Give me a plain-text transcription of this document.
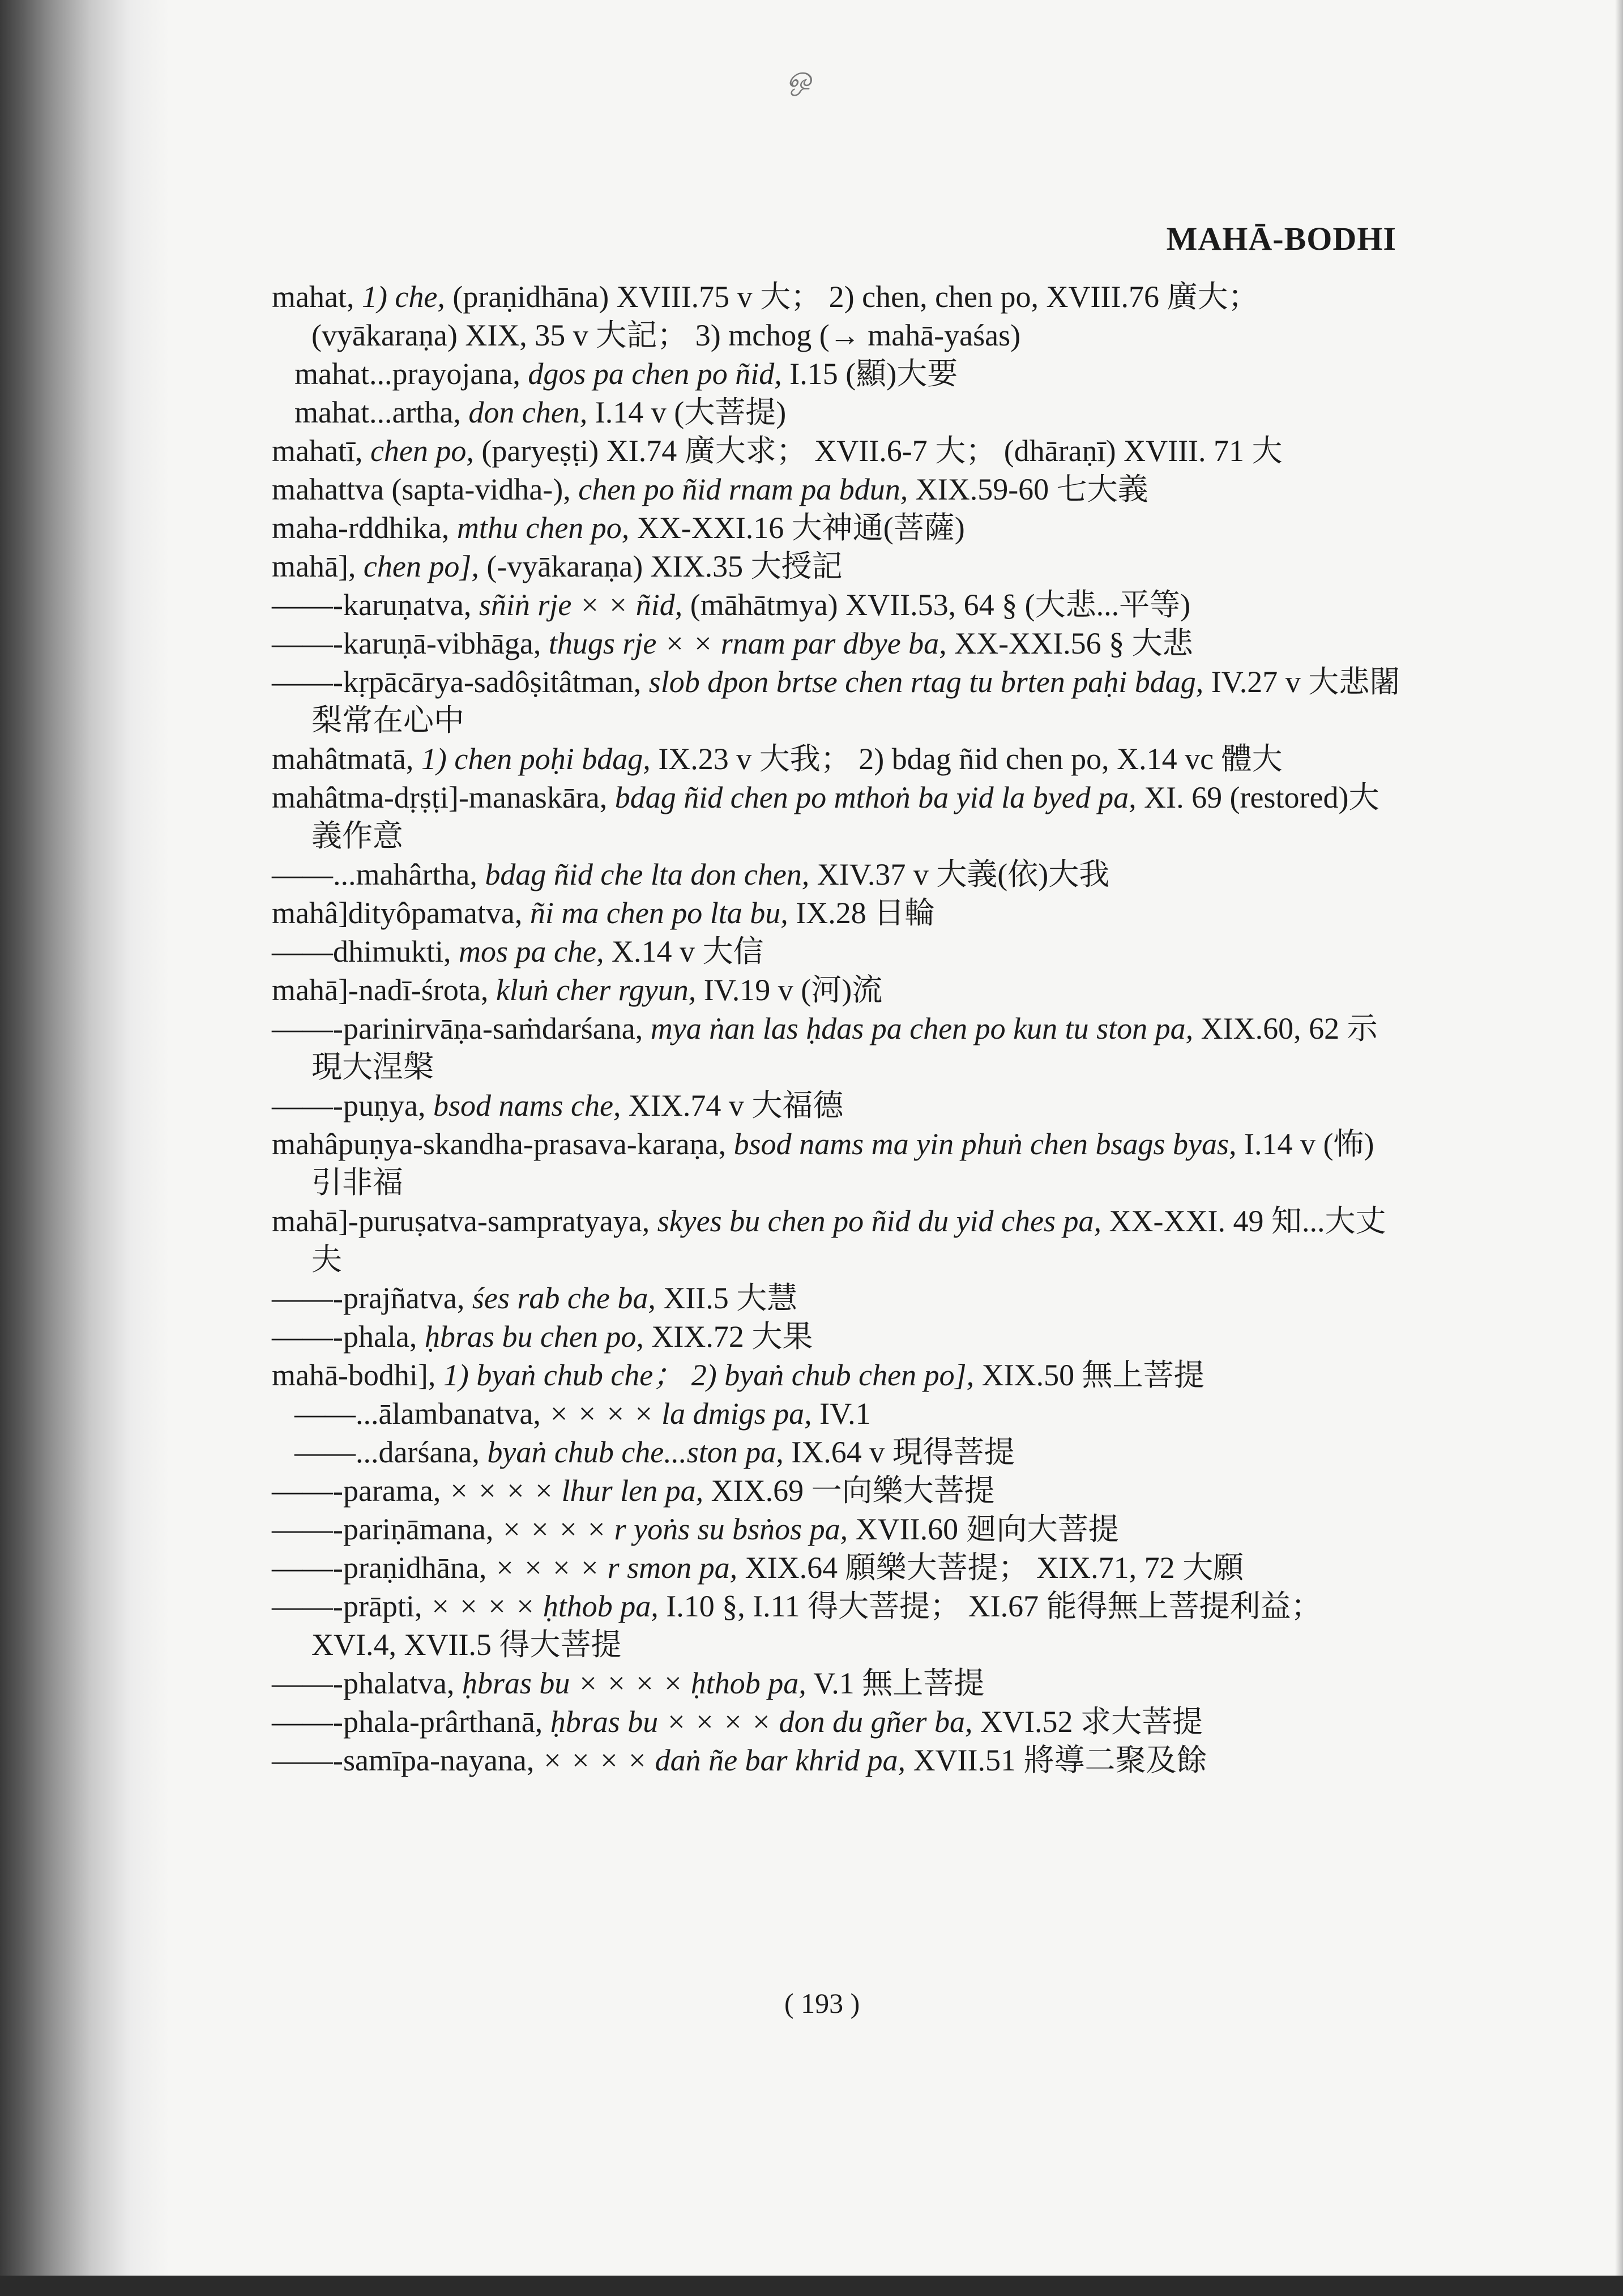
ஒ
MAHĀ-BODHI
mahat, 1) che, (praṇidhāna) XVIII.75 v 大； 2) chen, chen po, XVIII.76 廣大； (vyākaraṇa) XIX, 35 v 大記； 3) mchog (→ mahā-yaśas)
mahat...prayojana, dgos pa chen po ñid, I.15 (顯)大要
mahat...artha, don chen, I.14 v (大菩提)
mahatī, chen po, (paryeṣṭi) XI.74 廣大求； XVII.6-7 大； (dhāraṇī) XVIII. 71 大
mahattva (sapta-vidha-), chen po ñid rnam pa bdun, XIX.59-60 七大義
maha-rddhika, mthu chen po, XX-XXI.16 大神通(菩薩)
mahā], chen po], (-vyākaraṇa) XIX.35 大授記
——-karuṇatva, sñiṅ rje × × ñid, (māhātmya) XVII.53, 64 § (大悲...平等)
——-karuṇā-vibhāga, thugs rje × × rnam par dbye ba, XX-XXI.56 § 大悲
——-kṛpācārya-sadôṣitâtman, slob dpon brtse chen rtag tu brten paḥi bdag, IV.27 v 大悲闍梨常在心中
mahâtmatā, 1) chen poḥi bdag, IX.23 v 大我； 2) bdag ñid chen po, X.14 vc 體大
mahâtma-dṛṣṭi]-manaskāra, bdag ñid chen po mthoṅ ba yid la byed pa, XI. 69 (restored)大義作意
——...mahârtha, bdag ñid che lta don chen, XIV.37 v 大義(依)大我
mahâ]dityôpamatva, ñi ma chen po lta bu, IX.28 日輪
——dhimukti, mos pa che, X.14 v 大信
mahā]-nadī-śrota, kluṅ cher rgyun, IV.19 v (河)流
——-parinirvāṇa-saṁdarśana, mya ṅan las ḥdas pa chen po kun tu ston pa, XIX.60, 62 示現大涅槃
——-puṇya, bsod nams che, XIX.74 v 大福德
mahâpuṇya-skandha-prasava-karaṇa, bsod nams ma yin phuṅ chen bsags byas, I.14 v (怖)引非福
mahā]-puruṣatva-sampratyaya, skyes bu chen po ñid du yid ches pa, XX-XXI. 49 知...大丈夫
——-prajñatva, śes rab che ba, XII.5 大慧
——-phala, ḥbras bu chen po, XIX.72 大果
mahā-bodhi], 1) byaṅ chub che； 2) byaṅ chub chen po], XIX.50 無上菩提
——...ālambanatva, × × × × la dmigs pa, IV.1
——...darśana, byaṅ chub che...ston pa, IX.64 v 現得菩提
——-parama, × × × × lhur len pa, XIX.69 一向樂大菩提
——-pariṇāmana, × × × × r yoṅs su bsṅos pa, XVII.60 廻向大菩提
——-praṇidhāna, × × × × r smon pa, XIX.64 願樂大菩提； XIX.71, 72 大願
——-prāpti, × × × × ḥthob pa, I.10 §, I.11 得大菩提； XI.67 能得無上菩提利益； XVI.4, XVII.5 得大菩提
——-phalatva, ḥbras bu × × × × ḥthob pa, V.1 無上菩提
——-phala-prârthanā, ḥbras bu × × × × don du gñer ba, XVI.52 求大菩提
——-samīpa-nayana, × × × × daṅ ñe bar khrid pa, XVII.51 將導二聚及餘
( 193 )
